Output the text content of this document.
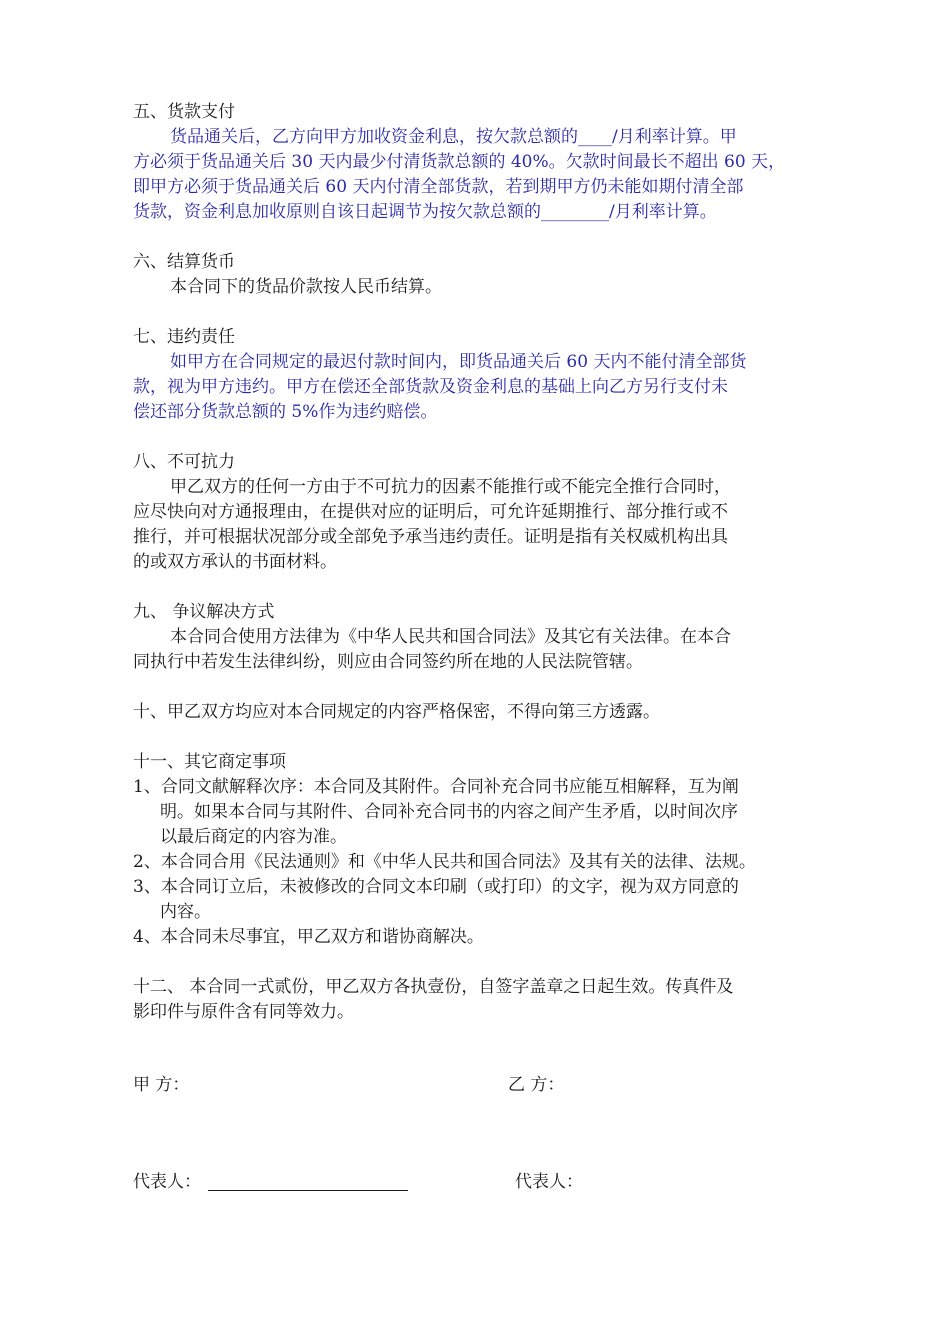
五、货款支付
货品通关后，乙方向甲方加收资金利息，按欠款总额的____/月利率计算。甲
方必须于货品通关后 30 天内最少付清货款总额的 40%。欠款时间最长不超出 60 天，
即甲方必须于货品通关后 60 天内付清全部货款，若到期甲方仍未能如期付清全部
货款，资金利息加收原则自该日起调节为按欠款总额的________/月利率计算。
六、结算货币
本合同下的货品价款按人民币结算。
七、违约责任
如甲方在合同规定的最迟付款时间内，即货品通关后 60 天内不能付清全部货
款，视为甲方违约。甲方在偿还全部货款及资金利息的基础上向乙方另行支付未
偿还部分货款总额的 5%作为违约赔偿。
八、不可抗力
甲乙双方的任何一方由于不可抗力的因素不能推行或不能完全推行合同时，
应尽快向对方通报理由，在提供对应的证明后，可允许延期推行、部分推行或不
推行，并可根据状况部分或全部免予承当违约责任。证明是指有关权威机构出具
的或双方承认的书面材料。
九、 争议解决方式
本合同合使用方法律为《中华人民共和国合同法》及其它有关法律。在本合
同执行中若发生法律纠纷，则应由合同签约所在地的人民法院管辖。
十、甲乙双方均应对本合同规定的内容严格保密，不得向第三方透露。
十一、其它商定事项
1、合同文献解释次序：本合同及其附件。合同补充合同书应能互相解释，互为阐
明。如果本合同与其附件、合同补充合同书的内容之间产生矛盾，以时间次序
以最后商定的内容为准。
2、本合同合用《民法通则》和《中华人民共和国合同法》及其有关的法律、法规。
3、本合同订立后，未被修改的合同文本印刷（或打印）的文字，视为双方同意的
内容。
4、本合同未尽事宜，甲乙双方和谐协商解决。
十二、 本合同一式贰份，甲乙双方各执壹份，自签字盖章之日起生效。传真件及
影印件与原件含有同等效力。
甲 方：	乙 方：
代表人：	代表人：
